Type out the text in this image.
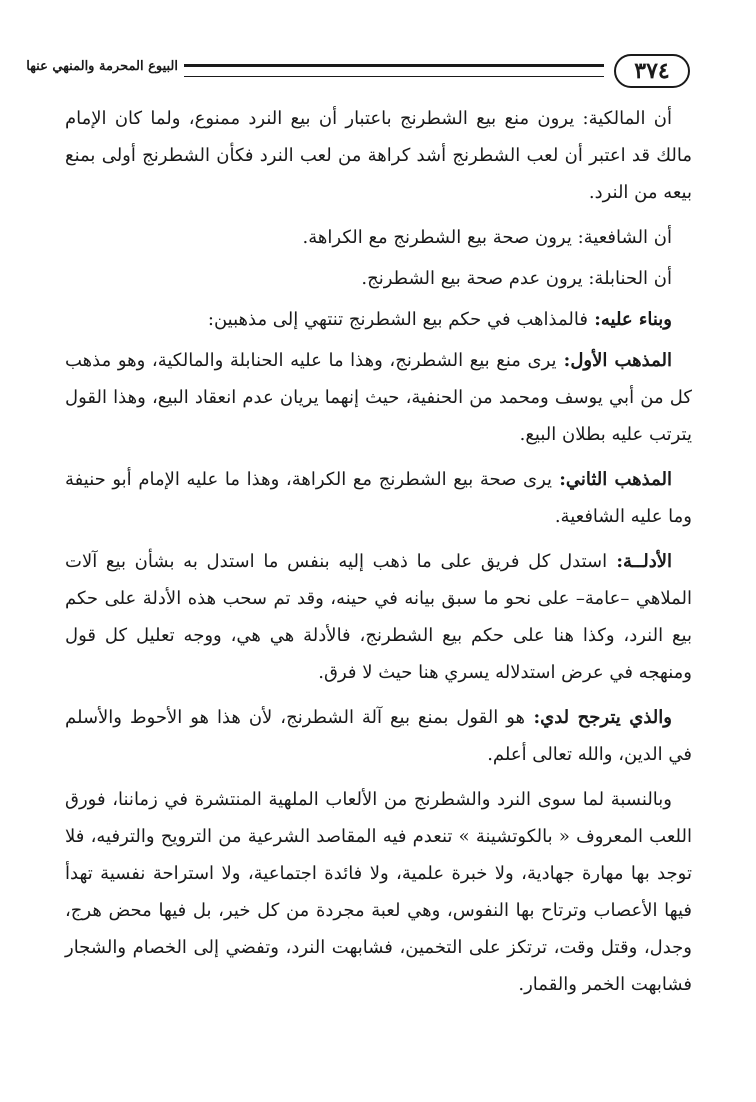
٣٧٤
البيوع المحرمة والمنهي عنها

أن المالكية: يرون منع بيع الشطرنج باعتبار أن بيع النرد ممنوع، ولما كان الإمام مالك قد اعتبر أن لعب الشطرنج أشد كراهة من لعب النرد فكأن الشطرنج أولى بمنع بيعه من النرد.

أن الشافعية: يرون صحة بيع الشطرنج مع الكراهة.

أن الحنابلة: يرون عدم صحة بيع الشطرنج.

وبناء عليه: فالمذاهب في حكم بيع الشطرنج تنتهي إلى مذهبين:

المذهب الأول: يرى منع بيع الشطرنج، وهذا ما عليه الحنابلة والمالكية، وهو مذهب كل من أبي يوسف ومحمد من الحنفية، حيث إنهما يريان عدم انعقاد البيع، وهذا القول يترتب عليه بطلان البيع.

المذهب الثاني: يرى صحة بيع الشطرنج مع الكراهة، وهذا ما عليه الإمام أبو حنيفة وما عليه الشافعية.

الأدلــة: استدل كل فريق على ما ذهب إليه بنفس ما استدل به بشأن بيع آلات الملاهي –عامة– على نحو ما سبق بيانه في حينه، وقد تم سحب هذه الأدلة على حكم بيع النرد، وكذا هنا على حكم بيع الشطرنج، فالأدلة هي هي، ووجه تعليل كل قول ومنهجه في عرض استدلاله يسري هنا حيث لا فرق.

والذي يترجح لدي: هو القول بمنع بيع آلة الشطرنج، لأن هذا هو الأحوط والأسلم في الدين، والله تعالى أعلم.

وبالنسبة لما سوى النرد والشطرنج من الألعاب الملهية المنتشرة في زماننا، فورق اللعب المعروف « بالكوتشينة » تنعدم فيه المقاصد الشرعية من الترويح والترفيه، فلا توجد بها مهارة جهادية، ولا خبرة علمية، ولا فائدة اجتماعية، ولا استراحة نفسية تهدأ فيها الأعصاب وترتاح بها النفوس، وهي لعبة مجردة من كل خير، بل فيها محض هرج، وجدل، وقتل وقت، ترتكز على التخمين، فشابهت النرد، وتفضي إلى الخصام والشجار فشابهت الخمر والقمار.
